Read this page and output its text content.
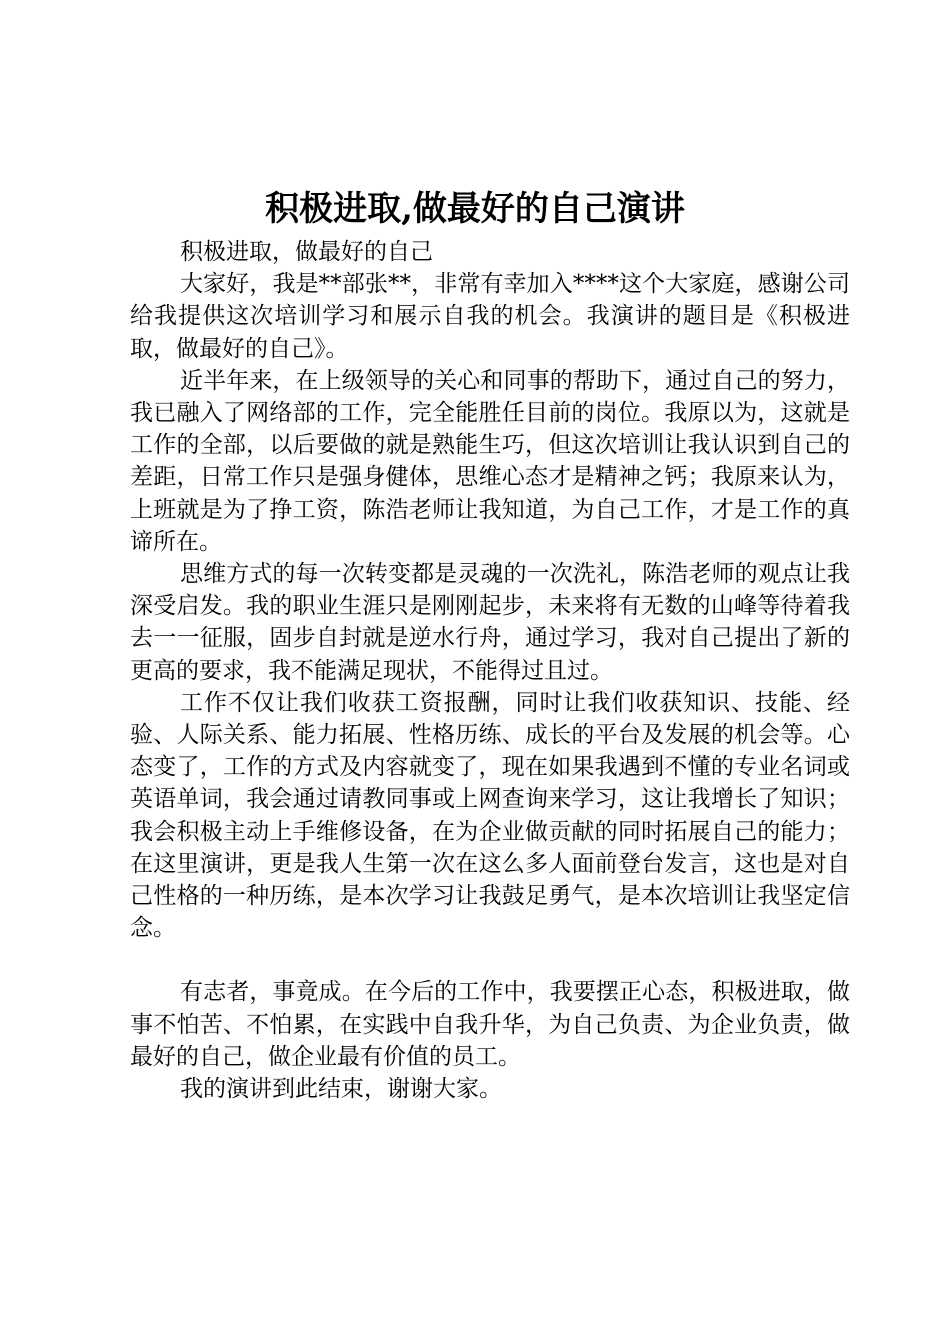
积极进取,做最好的自己演讲

积极进取，做最好的自己

大家好，我是**部张**，非常有幸加入****这个大家庭，感谢公司给我提供这次培训学习和展示自我的机会。我演讲的题目是《积极进取，做最好的自己》。

近半年来，在上级领导的关心和同事的帮助下，通过自己的努力，我已融入了网络部的工作，完全能胜任目前的岗位。我原以为，这就是工作的全部，以后要做的就是熟能生巧，但这次培训让我认识到自己的差距，日常工作只是强身健体，思维心态才是精神之钙；我原来认为，上班就是为了挣工资，陈浩老师让我知道，为自己工作，才是工作的真谛所在。

思维方式的每一次转变都是灵魂的一次洗礼，陈浩老师的观点让我深受启发。我的职业生涯只是刚刚起步，未来将有无数的山峰等待着我去一一征服，固步自封就是逆水行舟，通过学习，我对自己提出了新的更高的要求，我不能满足现状，不能得过且过。

工作不仅让我们收获工资报酬，同时让我们收获知识、技能、经验、人际关系、能力拓展、性格历练、成长的平台及发展的机会等。心态变了，工作的方式及内容就变了，现在如果我遇到不懂的专业名词或英语单词，我会通过请教同事或上网查询来学习，这让我增长了知识；我会积极主动上手维修设备，在为企业做贡献的同时拓展自己的能力；在这里演讲，更是我人生第一次在这么多人面前登台发言，这也是对自己性格的一种历练，是本次学习让我鼓足勇气，是本次培训让我坚定信念。

有志者，事竟成。在今后的工作中，我要摆正心态，积极进取，做事不怕苦、不怕累，在实践中自我升华，为自己负责、为企业负责，做最好的自己，做企业最有价值的员工。

我的演讲到此结束，谢谢大家。
